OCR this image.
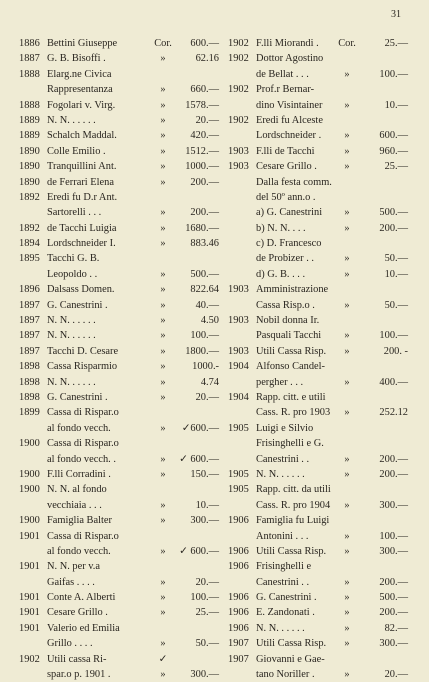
31
1886 Bettini Giuseppe	Cor.	600.—
1887 G. B. Bisoffi .	»	62.16
1888 Elarg.ne Civica
Rappresentanza	»	660.—
1888 Fogolari v. Virg.	»	1578.—
1889 N. N. . . . . .	»	20.—
1889 Schalch Maddal.	»	420.—
1890 Colle Emilio .	»	1512.—
1890 Tranquillini Ant.	»	1000.—
1890 de Ferrari Elena	»	200.—
1892 Eredi fu D.r Ant.
Sartorelli . . .	»	200.—
1892 de Tacchi Luigia	»	1680.—
1894 Lordschneider I.	»	883.46
1895 Tacchi G. B.
Leopoldo . .	»	500.—
1896 Dalsass Domen.	»	822.64
1897 G. Canestrini .	»	40.—
1897 N. N. . . . . .	»	4.50
1897 N. N. . . . . .	»	100.—
1897 Tacchi D. Cesare	»	1800.—
1898 Cassa Risparmio	»	1000.-
1898 N. N. . . . . .	»	4.74
1898 G. Canestrini .	»	20.—
1899 Cassa di Rispar.o
al fondo vecch.	»	✓600.—
1900 Cassa di Rispar.o
al fondo vecch. .	»	✓ 600.—
1900 F.lli Corradini .	»	150.—
1900 N. N. al fondo
vecchiaia . . .	»	10.—
1900 Famiglia Balter	»	300.—
1901 Cassa di Rispar.o
al fondo vecch.	»	✓ 600.—
1901 N. N. per v.a
Gaifas . . . .	»	20.—
1901 Conte A. Alberti	»	100.—
1901 Cesare Grillo .	»	25.—
1901 Valerio ed Emilia
Grillo . . . .	»	50.—
1902 Utili cassa Ri-	✓
spar.o p. 1901 .	»	300.—
1902 F.lli Miorandi . Cor.	25.—
1902 Dottor Agostino
de Bellat . . .	»	100.—
1902 Prof.r Bernar-
dino Visintainer	»	10.—
1902 Eredi fu Alceste
Lordschneider .	»	600.—
1903 F.lli de Tacchi	»	960.—
1903 Cesare Grillo .	»	25.—
Dalla festa comm.
del 50º ann.o .
a) G. Canestrini	»	500.—
b) N. N. . . .	»	200.—
c) D. Francesco
de Probizer . .	»	50.—
d) G. B. . . .	»	10.—
1903 Amministrazione
Cassa Risp.o .	»	50.—
1903 Nobil donna Ir.
Pasquali Tacchi	»	100.—
1903 Utili Cassa Risp.	»	200. -
1904 Alfonso Candel-
pergher . . .	»	400.—
1904 Rapp. citt. e utili
Cass. R. pro 1903	»	252.12
1905 Luigi e Silvio
Frisinghelli e G.
Canestrini . .	»	200.—
1905 N. N. . . . . .	»	200.—
1905 Rapp. citt. da utili
Cass. R. pro 1904	»	300.—
1906 Famiglia fu Luigi
Antonini . . .	»	100.—
1906 Utili Cassa Risp.	»	300.—
1906 Frisinghelli e
Canestrini . .	»	200.—
1906 G. Canestrini .	»	500.—
1906 E. Zandonati .	»	200.—
1906 N. N. . . . . .	»	82.—
1907 Utili Cassa Risp.	»	300.—
1907 Giovanni e Gae-
tano Noriller .	»	20.—
